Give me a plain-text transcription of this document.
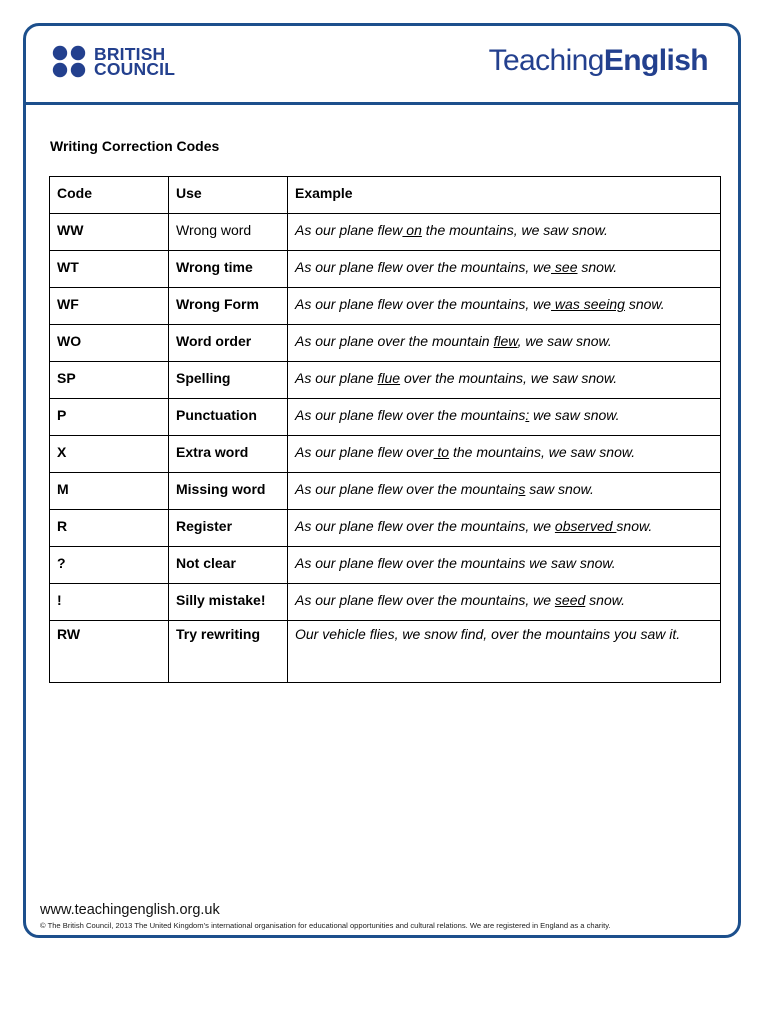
BRITISH
COUNCIL	TeachingEnglish
Writing Correction Codes
Code	Use	Example
WW	Wrong word	As our plane flew on the mountains, we saw snow.
WT	Wrong time	As our plane flew over the mountains, we see snow.
WF	Wrong Form	As our plane flew over the mountains, we was seeing snow.
WO	Word order	As our plane over the mountain flew, we saw snow.
SP	Spelling	As our plane flue over the mountains, we saw snow.
P	Punctuation	As our plane flew over the mountains: we saw snow.
X	Extra word	As our plane flew over to the mountains, we saw snow.
M	Missing word	As our plane flew over the mountains saw snow.
R	Register	As our plane flew over the mountains, we observed snow.
?	Not clear	As our plane flew over the mountains we saw snow.
!	Silly mistake!	As our plane flew over the mountains, we seed snow.
RW	Try rewriting	Our vehicle flies, we snow find, over the mountains you saw it.
www.teachingenglish.org.uk
© The British Council, 2013 The United Kingdom’s international organisation for educational opportunities and cultural relations. We are registered in England as a charity.
